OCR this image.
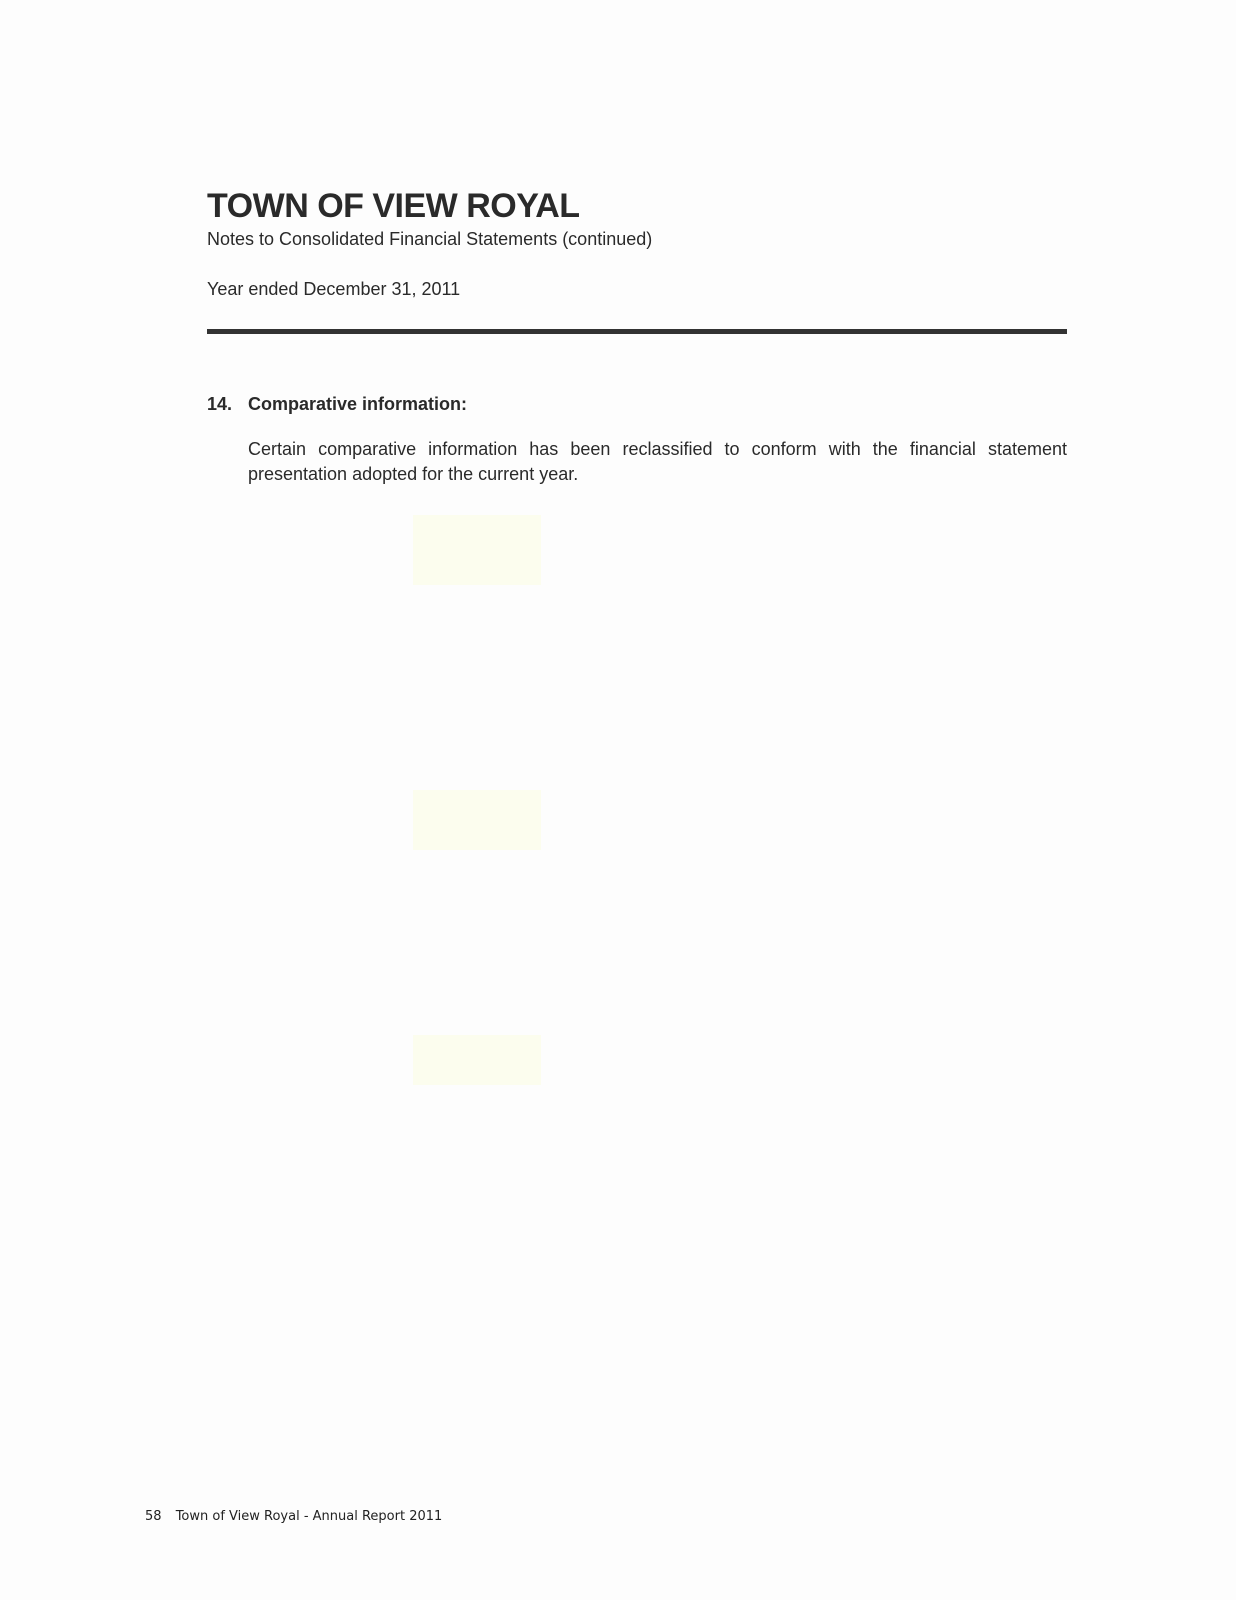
TOWN OF VIEW ROYAL

Notes to Consolidated Financial Statements (continued)

Year ended December 31, 2011

14. Comparative information:

Certain comparative information has been reclassified to conform with the financial statement presentation adopted for the current year.

58 Town of View Royal - Annual Report 2011
